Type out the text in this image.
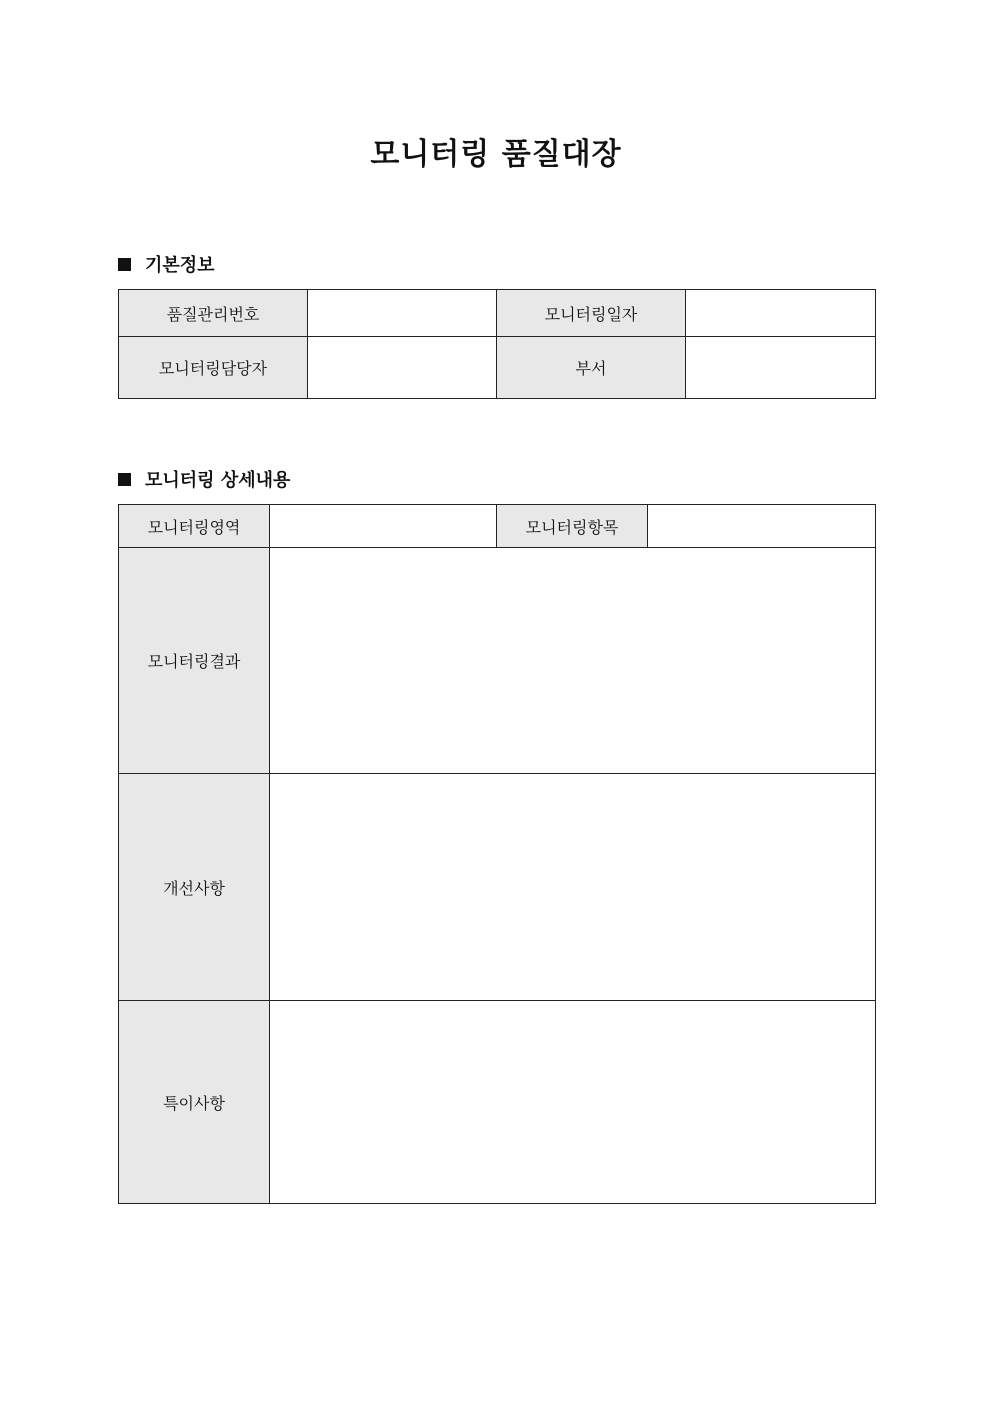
모니터링 품질대장
기본정보
품질관리번호		모니터링일자	
모니터링담당자		부서	
모니터링 상세내용
모니터링영역		모니터링항목	
모니터링결과			
개선사항			
특이사항			
